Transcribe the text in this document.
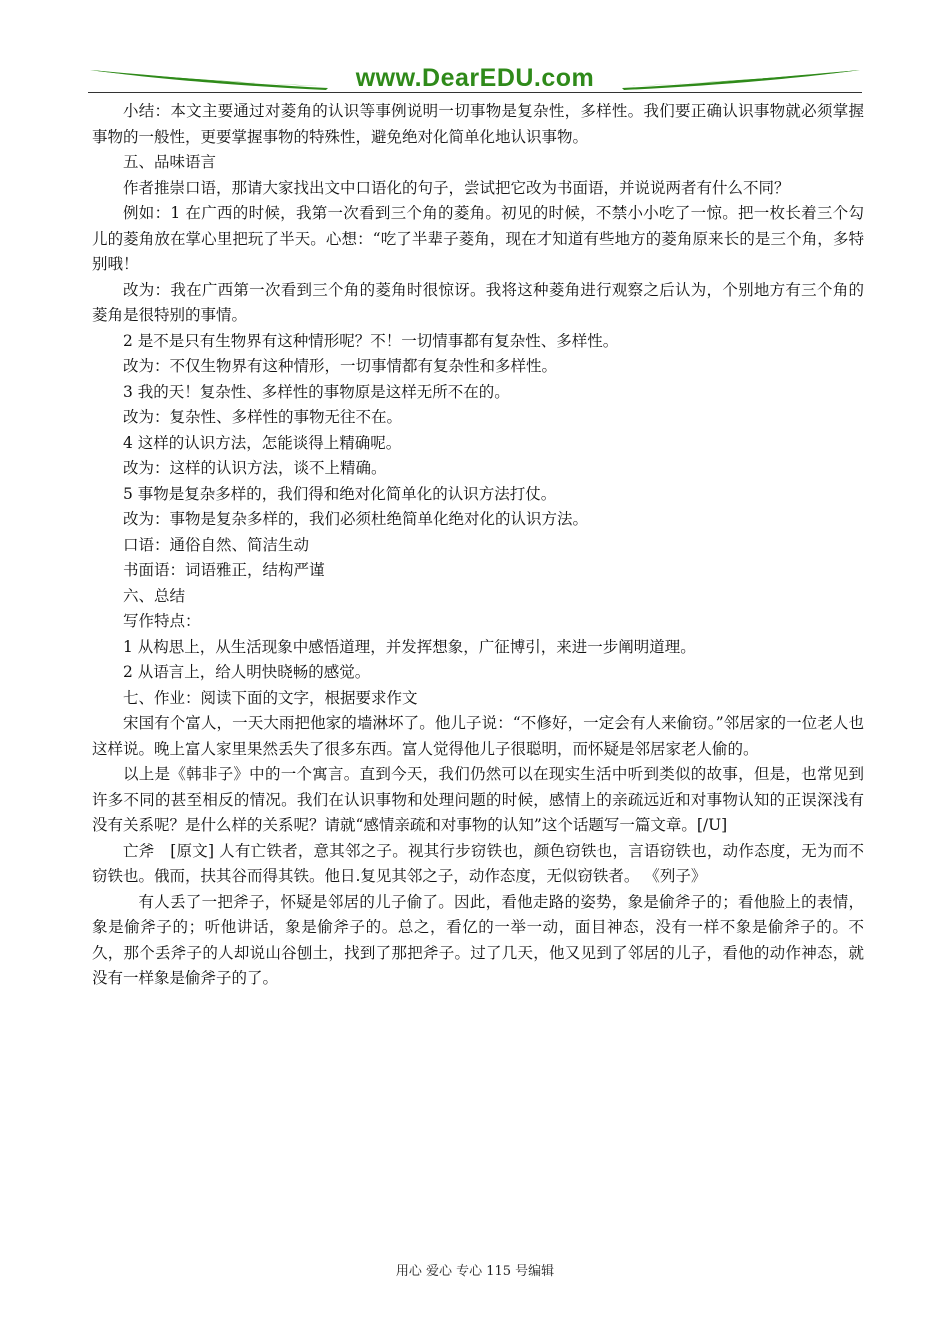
www.DearEDU.com

小结：本文主要通过对菱角的认识等事例说明一切事物是复杂性，多样性。我们要正确认识事物就必须掌握事物的一般性，更要掌握事物的特殊性，避免绝对化简单化地认识事物。

五、品味语言

作者推崇口语，那请大家找出文中口语化的句子，尝试把它改为书面语，并说说两者有什么不同？

例如：1 在广西的时候，我第一次看到三个角的菱角。初见的时候，不禁小小吃了一惊。把一枚长着三个勾儿的菱角放在掌心里把玩了半天。心想：“吃了半辈子菱角，现在才知道有些地方的菱角原来长的是三个角，多特别哦！

改为：我在广西第一次看到三个角的菱角时很惊讶。我将这种菱角进行观察之后认为，个别地方有三个角的菱角是很特别的事情。

2 是不是只有生物界有这种情形呢？不！一切情事都有复杂性、多样性。

改为：不仅生物界有这种情形，一切事情都有复杂性和多样性。

3 我的天！复杂性、多样性的事物原是这样无所不在的。

改为：复杂性、多样性的事物无往不在。

4 这样的认识方法，怎能谈得上精确呢。

改为：这样的认识方法，谈不上精确。

5 事物是复杂多样的，我们得和绝对化简单化的认识方法打仗。

改为：事物是复杂多样的，我们必须杜绝简单化绝对化的认识方法。

口语：通俗自然、简洁生动

书面语：词语雅正，结构严谨

六、总结

写作特点：

1 从构思上，从生活现象中感悟道理，并发挥想象，广征博引，来进一步阐明道理。

2 从语言上，给人明快晓畅的感觉。

七、作业：阅读下面的文字，根据要求作文

宋国有个富人，一天大雨把他家的墙淋坏了。他儿子说：“不修好，一定会有人来偷窃。”邻居家的一位老人也这样说。晚上富人家里果然丢失了很多东西。富人觉得他儿子很聪明，而怀疑是邻居家老人偷的。

以上是《韩非子》中的一个寓言。直到今天，我们仍然可以在现实生活中听到类似的故事，但是，也常见到许多不同的甚至相反的情况。我们在认识事物和处理问题的时候，感情上的亲疏远近和对事物认知的正误深浅有没有关系呢？是什么样的关系呢？请就“感情亲疏和对事物的认知”这个话题写一篇文章。[/U]

亡斧　[原文] 人有亡铁者，意其邻之子。视其行步窃铁也，颜色窃铁也，言语窃铁也，动作态度，无为而不窃铁也。俄而，扶其谷而得其铁。他日.复见其邻之子，动作态度，无似窃铁者。 《列子》

有人丢了一把斧子，怀疑是邻居的儿子偷了。因此，看他走路的姿势，象是偷斧子的；看他脸上的表情，象是偷斧子的；听他讲话，象是偷斧子的。总之，看亿的一举一动，面目神态，没有一样不象是偷斧子的。不久，那个丢斧子的人却说山谷刨土，找到了那把斧子。过了几天，他又见到了邻居的儿子，看他的动作神态，就没有一样象是偷斧子的了。

用心 爱心 专心 115 号编辑
